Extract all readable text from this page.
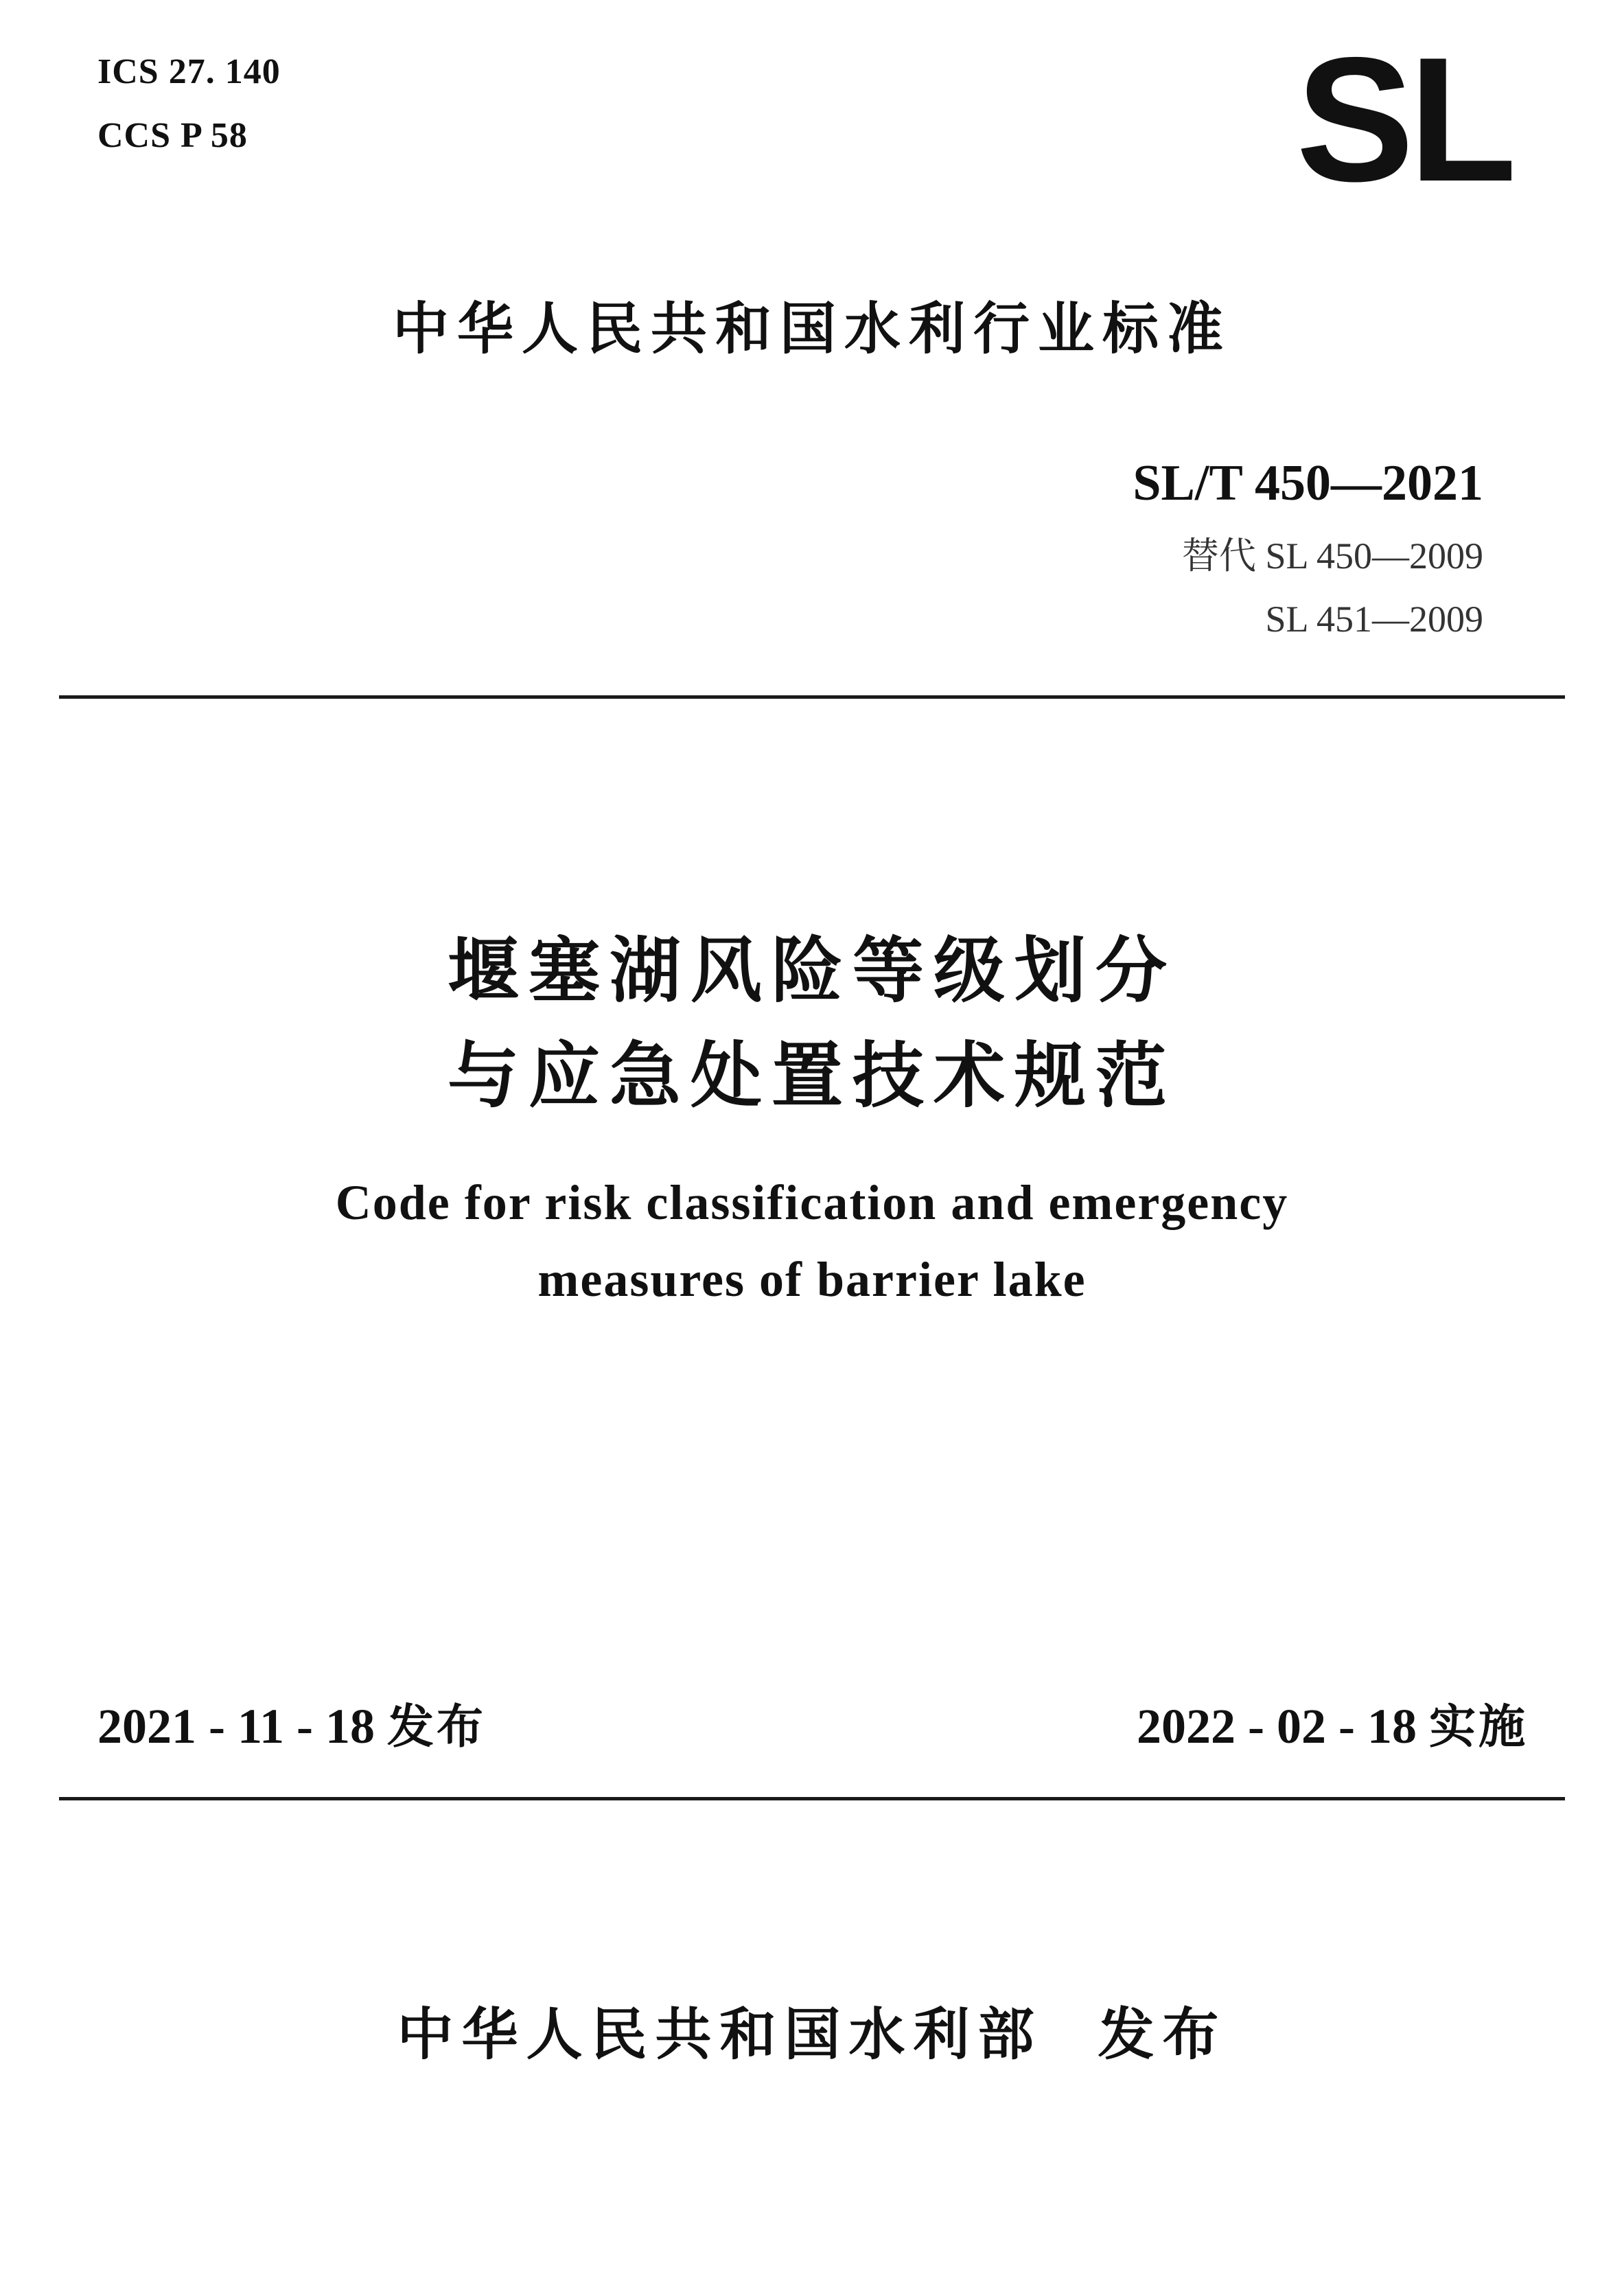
ICS 27. 140
CCS P 58	SL
中华人民共和国水利行业标准
SL/T 450—2021
替代 SL 450—2009
SL 451—2009
堰塞湖风险等级划分
与应急处置技术规范
Code for risk classification and emergency
measures of barrier lake
2021 - 11 - 18 发布	2022 - 02 - 18 实施
中华人民共和国水利部  发布
